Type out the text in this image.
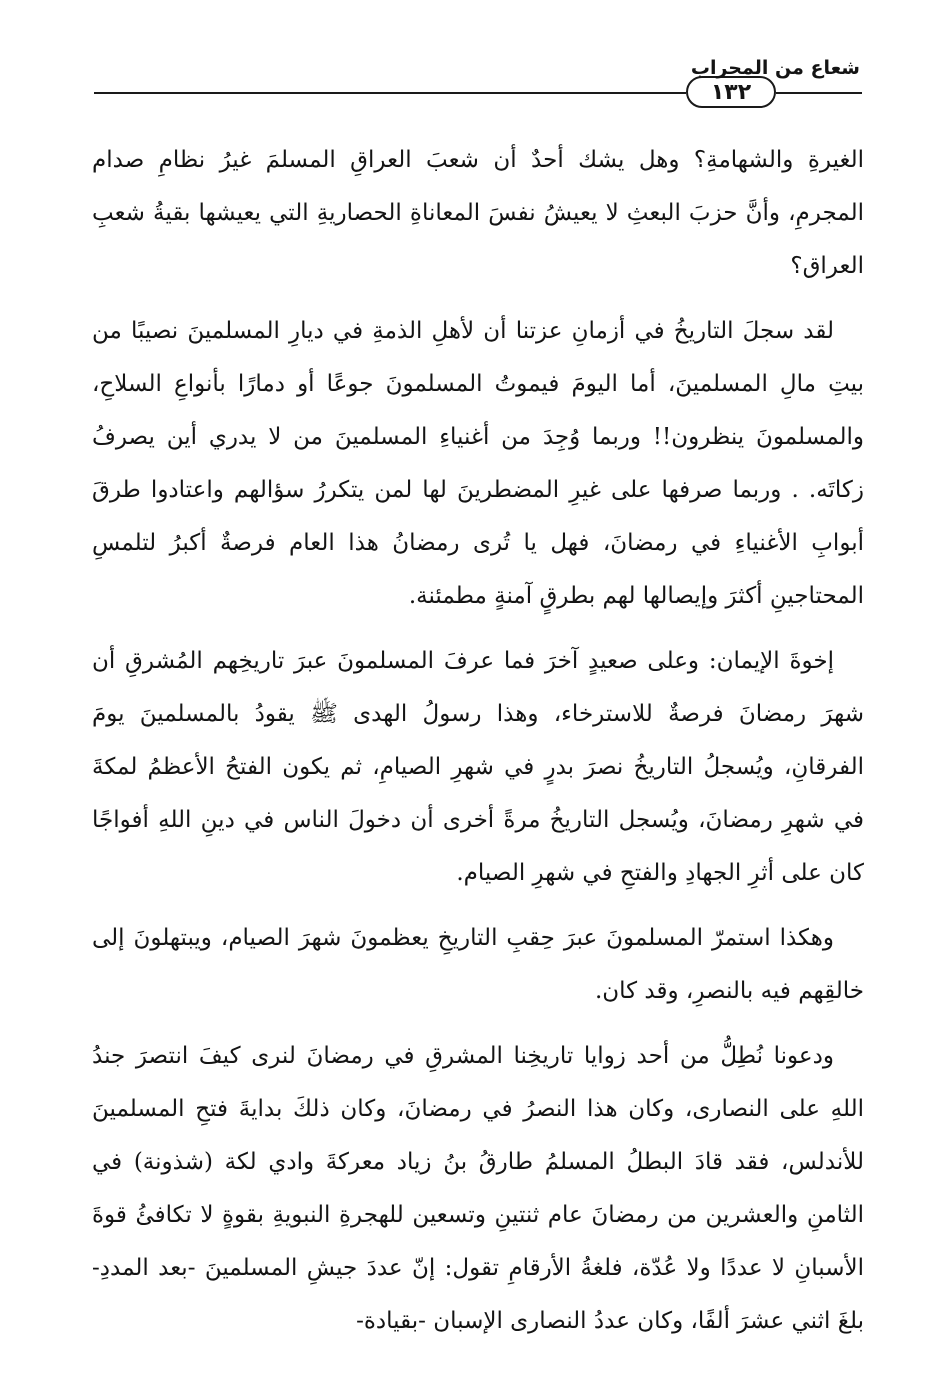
١٣٢
شعاع من المحراب

الغيرةِ والشهامةِ؟ وهل يشك أحدٌ أن شعبَ العراقِ المسلمَ غيرُ نظامِ صدام المجرمِ، وأنَّ حزبَ البعثِ لا يعيشُ نفسَ المعاناةِ الحصاريةِ التي يعيشها بقيةُ شعبِ العراق؟

لقد سجلَ التاريخُ في أزمانِ عزتنا أن لأهلِ الذمةِ في ديارِ المسلمينَ نصيبًا من بيتِ مالِ المسلمينَ، أما اليومَ فيموتُ المسلمونَ جوعًا أو دمارًا بأنواعِ السلاحِ، والمسلمونَ ينظرون!! وربما وُجِدَ من أغنياءِ المسلمينَ من لا يدري أين يصرفُ زكاتَه. . وربما صرفها على غيرِ المضطرينَ لها لمن يتكررُ سؤالهم واعتادوا طرقَ أبوابِ الأغنياءِ في رمضانَ، فهل يا تُرى رمضانُ هذا العام فرصةٌ أكبرُ لتلمسِ المحتاجينِ أكثرَ وإيصالها لهم بطرقٍ آمنةٍ مطمئنة.

إخوةَ الإيمان: وعلى صعيدٍ آخرَ فما عرفَ المسلمونَ عبرَ تاريخِهم المُشرقِ أن شهرَ رمضانَ فرصةٌ للاسترخاء، وهذا رسولُ الهدى ﷺ يقودُ بالمسلمينَ يومَ الفرقانِ، ويُسجلُ التاريخُ نصرَ بدرٍ في شهرِ الصيامِ، ثم يكون الفتحُ الأعظمُ لمكةَ في شهرِ رمضانَ، ويُسجل التاريخُ مرةً أخرى أن دخولَ الناس في دينِ اللهِ أفواجًا كان على أثرِ الجهادِ والفتحِ في شهرِ الصيام.

وهكذا استمرّ المسلمونَ عبرَ حِقبِ التاريخِ يعظمونَ شهرَ الصيام، ويبتهلونَ إلى خالقِهم فيه بالنصرِ، وقد كان.

ودعونا نُطِلُّ من أحد زوايا تاريخِنا المشرقِ في رمضانَ لنرى كيفَ انتصرَ جندُ اللهِ على النصارى، وكان هذا النصرُ في رمضانَ، وكان ذلكَ بدايةَ فتحِ المسلمينَ للأندلس، فقد قادَ البطلُ المسلمُ طارقُ بنُ زياد معركةَ وادي لكة (شذونة) في الثامنِ والعشرين من رمضانَ عام ثنتينِ وتسعين للهجرةِ النبويةِ بقوةٍ لا تكافئُ قوةَ الأسبانِ لا عددًا ولا عُدّة، فلغةُ الأرقامِ تقول: إنّ عددَ جيشِ المسلمينَ -بعد المددِ- بلغَ اثني عشرَ ألفًا، وكان عددُ النصارى الإسبان -بقيادة-
